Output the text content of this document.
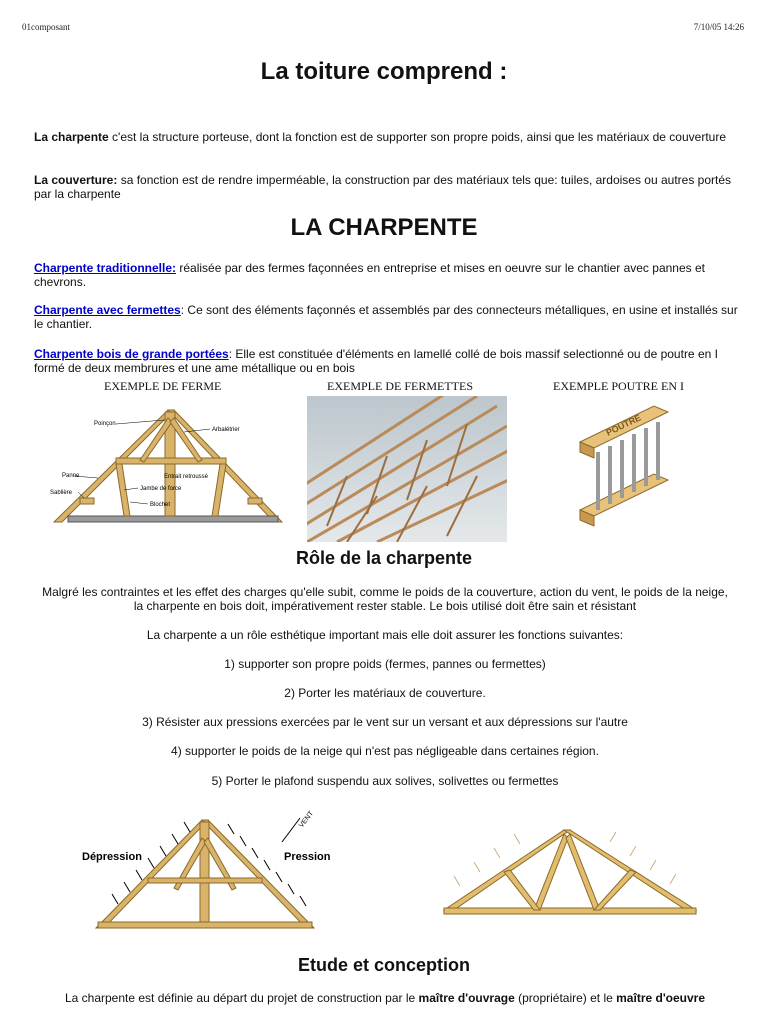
01composant	7/10/05 14:26
La toiture comprend :
La charpente c'est la structure porteuse, dont la fonction est de supporter son propre poids, ainsi que les matériaux de couverture
La couverture: sa fonction est de rendre imperméable, la construction par des matériaux tels que: tuiles, ardoises ou autres portés par la charpente
LA CHARPENTE
Charpente traditionnelle: réalisée par des fermes façonnées en entreprise et mises en oeuvre sur le chantier avec pannes et chevrons.
Charpente avec fermettes: Ce sont des éléments façonnés et assemblés par des connecteurs métalliques, en usine et installés sur le chantier.
Charpente bois de grande portées: Elle est constituée d'éléments en lamellé collé de bois massif selectionné ou de poutre en I formé de deux membrures et une ame métallique ou en bois
EXEMPLE DE FERME	EXEMPLE DE FERMETTES	EXEMPLE POUTRE EN I
Poinçon
Arbalétrier
Entrait retroussé
Panne
Jambe de force
Sablière
Blochet
POUTRE
Rôle de la charpente
Malgré les contraintes et les effet des charges qu'elle subit, comme le poids de la couverture, action du vent, le poids de la neige, la charpente en bois doit, impérativement rester stable. Le bois utilisé doit être sain et résistant
La charpente a un rôle esthétique important mais elle doit assurer les fonctions suivantes:
1) supporter son propre poids (fermes, pannes ou fermettes)
2) Porter les matériaux de couverture.
3) Résister aux pressions exercées par le vent sur un versant et aux dépressions sur l'autre
4) supporter le poids de la neige qui n'est pas négligeable dans certaines région.
5) Porter le plafond suspendu aux solives, solivettes ou fermettes
Dépression	Pression
VENT
Etude et conception
La charpente est définie au départ du projet de construction par le maître d'ouvrage (propriétaire) et le maître d'oeuvre
